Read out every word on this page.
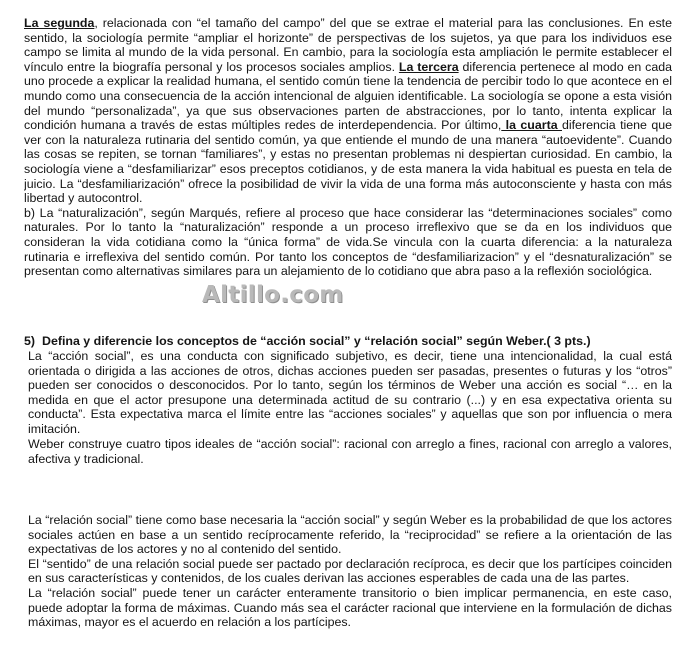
La segunda, relacionada con “el tamaño del campo” del que se extrae el material para las conclusiones. En este sentido, la sociología permite “ampliar el horizonte” de perspectivas de los sujetos, ya que para los individuos ese campo se limita al mundo de la vida personal. En cambio, para la sociología esta ampliación le permite establecer el vínculo entre la biografía personal y los procesos sociales amplios. La tercera diferencia pertenece al modo en cada uno procede a explicar la realidad humana, el sentido común tiene la tendencia de percibir todo lo que acontece en el mundo como una consecuencia de la acción intencional de alguien identificable. La sociología se opone a esta visión del mundo “personalizada”, ya que sus observaciones parten de abstracciones, por lo tanto, intenta explicar la condición humana a través de estas múltiples redes de interdependencia. Por último, la cuarta diferencia tiene que ver con la naturaleza rutinaria del sentido común, ya que entiende el mundo de una manera “autoevidente”. Cuando las cosas se repiten, se tornan “familiares”, y estas no presentan problemas ni despiertan curiosidad. En cambio, la sociología viene a “desfamiliarizar” esos preceptos cotidianos, y de esta manera la vida habitual es puesta en tela de juicio. La “desfamiliarización” ofrece la posibilidad de vivir la vida de una forma más autoconsciente y hasta con más libertad y autocontrol.

b) La “naturalización”, según Marqués, refiere al proceso que hace considerar las “determinaciones sociales” como naturales. Por lo tanto la “naturalización” responde a un proceso irreflexivo que se da en los individuos que consideran la vida cotidiana como la “única forma” de vida.Se vincula con la cuarta diferencia: a la naturaleza rutinaria e irreflexiva del sentido común. Por tanto los conceptos de “desfamiliarizacion” y el “desnaturalización” se presentan como alternativas similares para un alejamiento de lo cotidiano que abra paso a la reflexión sociológica.

Altillo.com
5) Defina y diferencie los conceptos de “acción social” y “relación social” según Weber.( 3 pts.)

La “acción social”, es una conducta con significado subjetivo, es decir, tiene una intencionalidad, la cual está orientada o dirigida a las acciones de otros, dichas acciones pueden ser pasadas, presentes o futuras y los “otros” pueden ser conocidos o desconocidos. Por lo tanto, según los términos de Weber una acción es social “… en la medida en que el actor presupone una determinada actitud de su contrario (...) y en esa expectativa orienta su conducta”. Esta expectativa marca el límite entre las “acciones sociales” y aquellas que son por influencia o mera imitación.

Weber construye cuatro tipos ideales de “acción social”: racional con arreglo a fines, racional con arreglo a valores, afectiva y tradicional.

La “relación social” tiene como base necesaria la “acción social” y según Weber es la probabilidad de que los actores sociales actúen en base a un sentido recíprocamente referido, la “reciprocidad” se refiere a la orientación de las expectativas de los actores y no al contenido del sentido.

El “sentido” de una relación social puede ser pactado por declaración recíproca, es decir que los partícipes coinciden en sus características y contenidos, de los cuales derivan las acciones esperables de cada una de las partes.

La “relación social” puede tener un carácter enteramente transitorio o bien implicar permanencia, en este caso, puede adoptar la forma de máximas. Cuando más sea el carácter racional que interviene en la formulación de dichas máximas, mayor es el acuerdo en relación a los partícipes.
